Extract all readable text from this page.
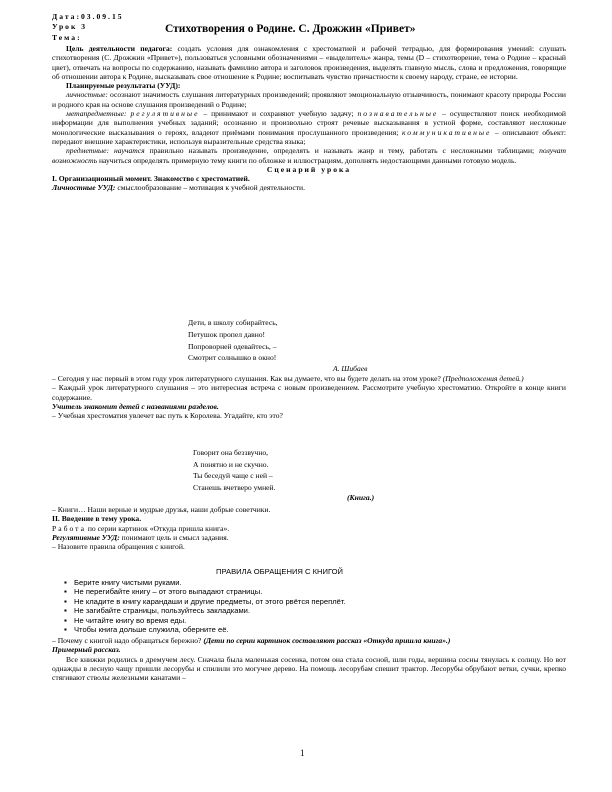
Дата:03.09.15
Урок 3
Тема:
Стихотворения о Родине. С. Дрожжин «Привет»

Цель деятельности педагога: создать условия для ознакомления с хрестоматией и рабочей тетрадью, для формирования умений: слушать стихотворения (С. Дрожжин «Привет»), пользоваться условными обозначениями – «выделитель» жанра, темы (D – стихотворение, тема о Родине – красный цвет), отвечать на вопросы по содержанию, называть фамилию автора и заголовок произведения, выделять главную мысль, слова и предложения, говорящие об отношении автора к Родине, высказывать свое отношение к Родине; воспитывать чувство причастности к своему народу, стране, ее истории.

Планируемые результаты (УУД):

личностные: осознают значимость слушания литературных произведений; проявляют эмоциональную отзывчивость, понимают красоту природы России и родного края на основе слушания произведений о Родине;

метапредметные: регулятивные – принимают и сохраняют учебную задачу; познавательные – осуществляют поиск необходимой информации для выполнения учебных заданий; осознанно и произвольно строят речевые высказывания в устной форме, составляют несложные монологические высказывания о героях, владеют приёмами понимания прослушанного произведения; коммуникативные – описывают объект: передают внешние характеристики, используя выразительные средства языка;

предметные: научатся правильно называть произведение, определять и называть жанр и тему, работать с несложными таблицами; получат возможность научиться определять примерную тему книги по обложке и иллюстрациям, дополнять недостающими данными готовую модель.

Сценарий урока

I. Организационный момент. Знакомство с хрестоматией.

Личностные УУД: смыслообразование – мотивация к учебной деятельности.

Дети, в школу собирайтесь,

Петушок пропел давно!

Попроворней одевайтесь, –

Смотрит солнышко в окно!

А. Шибаев

– Сегодня у нас первый в этом году урок литературного слушания. Как вы думаете, что вы будете делать на этом уроке? (Предположения детей.)

– Каждый урок литературного слушания – это интересная встреча с новым произведением. Рассмотрите учебную хрестоматию. Откройте в конце книги содержание.

Учитель знакомит детей с названиями разделов.

– Учебная хрестоматия увлечет вас путь к Королева. Угадайте, кто это?

Говорит она беззвучно,

А понятно и не скучно.

Ты беседуй чаще с ней –

Станешь вчетверо умней.

(Книга.)

– Книги… Наши верные и мудрые друзья, наши добрые советчики.

II. Введение в тему урока.

Работа по серии картинок «Откуда пришла книга».

Регулятивные УУД: понимают цель и смысл задания.

– Назовите правила обращения с книгой.

ПРАВИЛА ОБРАЩЕНИЯ С КНИГОЙ
▪ Берите книгу чистыми руками.
▪ Не перегибайте книгу – от этого выпадают страницы.
▪ Не кладите в книгу карандаши и другие предметы, от этого рвётся переплёт.
▪ Не загибайте страницы, пользуйтесь закладками.
▪ Не читайте книгу во время еды.
▪ Чтобы книга дольше служила, оберните её.

– Почему с книгой надо обращаться бережно? (Дети по серии картинок составляют рассказ «Откуда пришла книга».)

Примерный рассказ.

Все книжки родились в дремучем лесу. Сначала была маленькая сосенка, потом она стала сосной, шли годы, вершина сосны тянулась к солнцу. Но вот однажды в лесную чащу пришли лесорубы и спилили это могучее дерево. На помощь лесорубам спешит трактор. Лесорубы обрубают ветки, сучки, крепко стягивают стволы железными канатами –

1
